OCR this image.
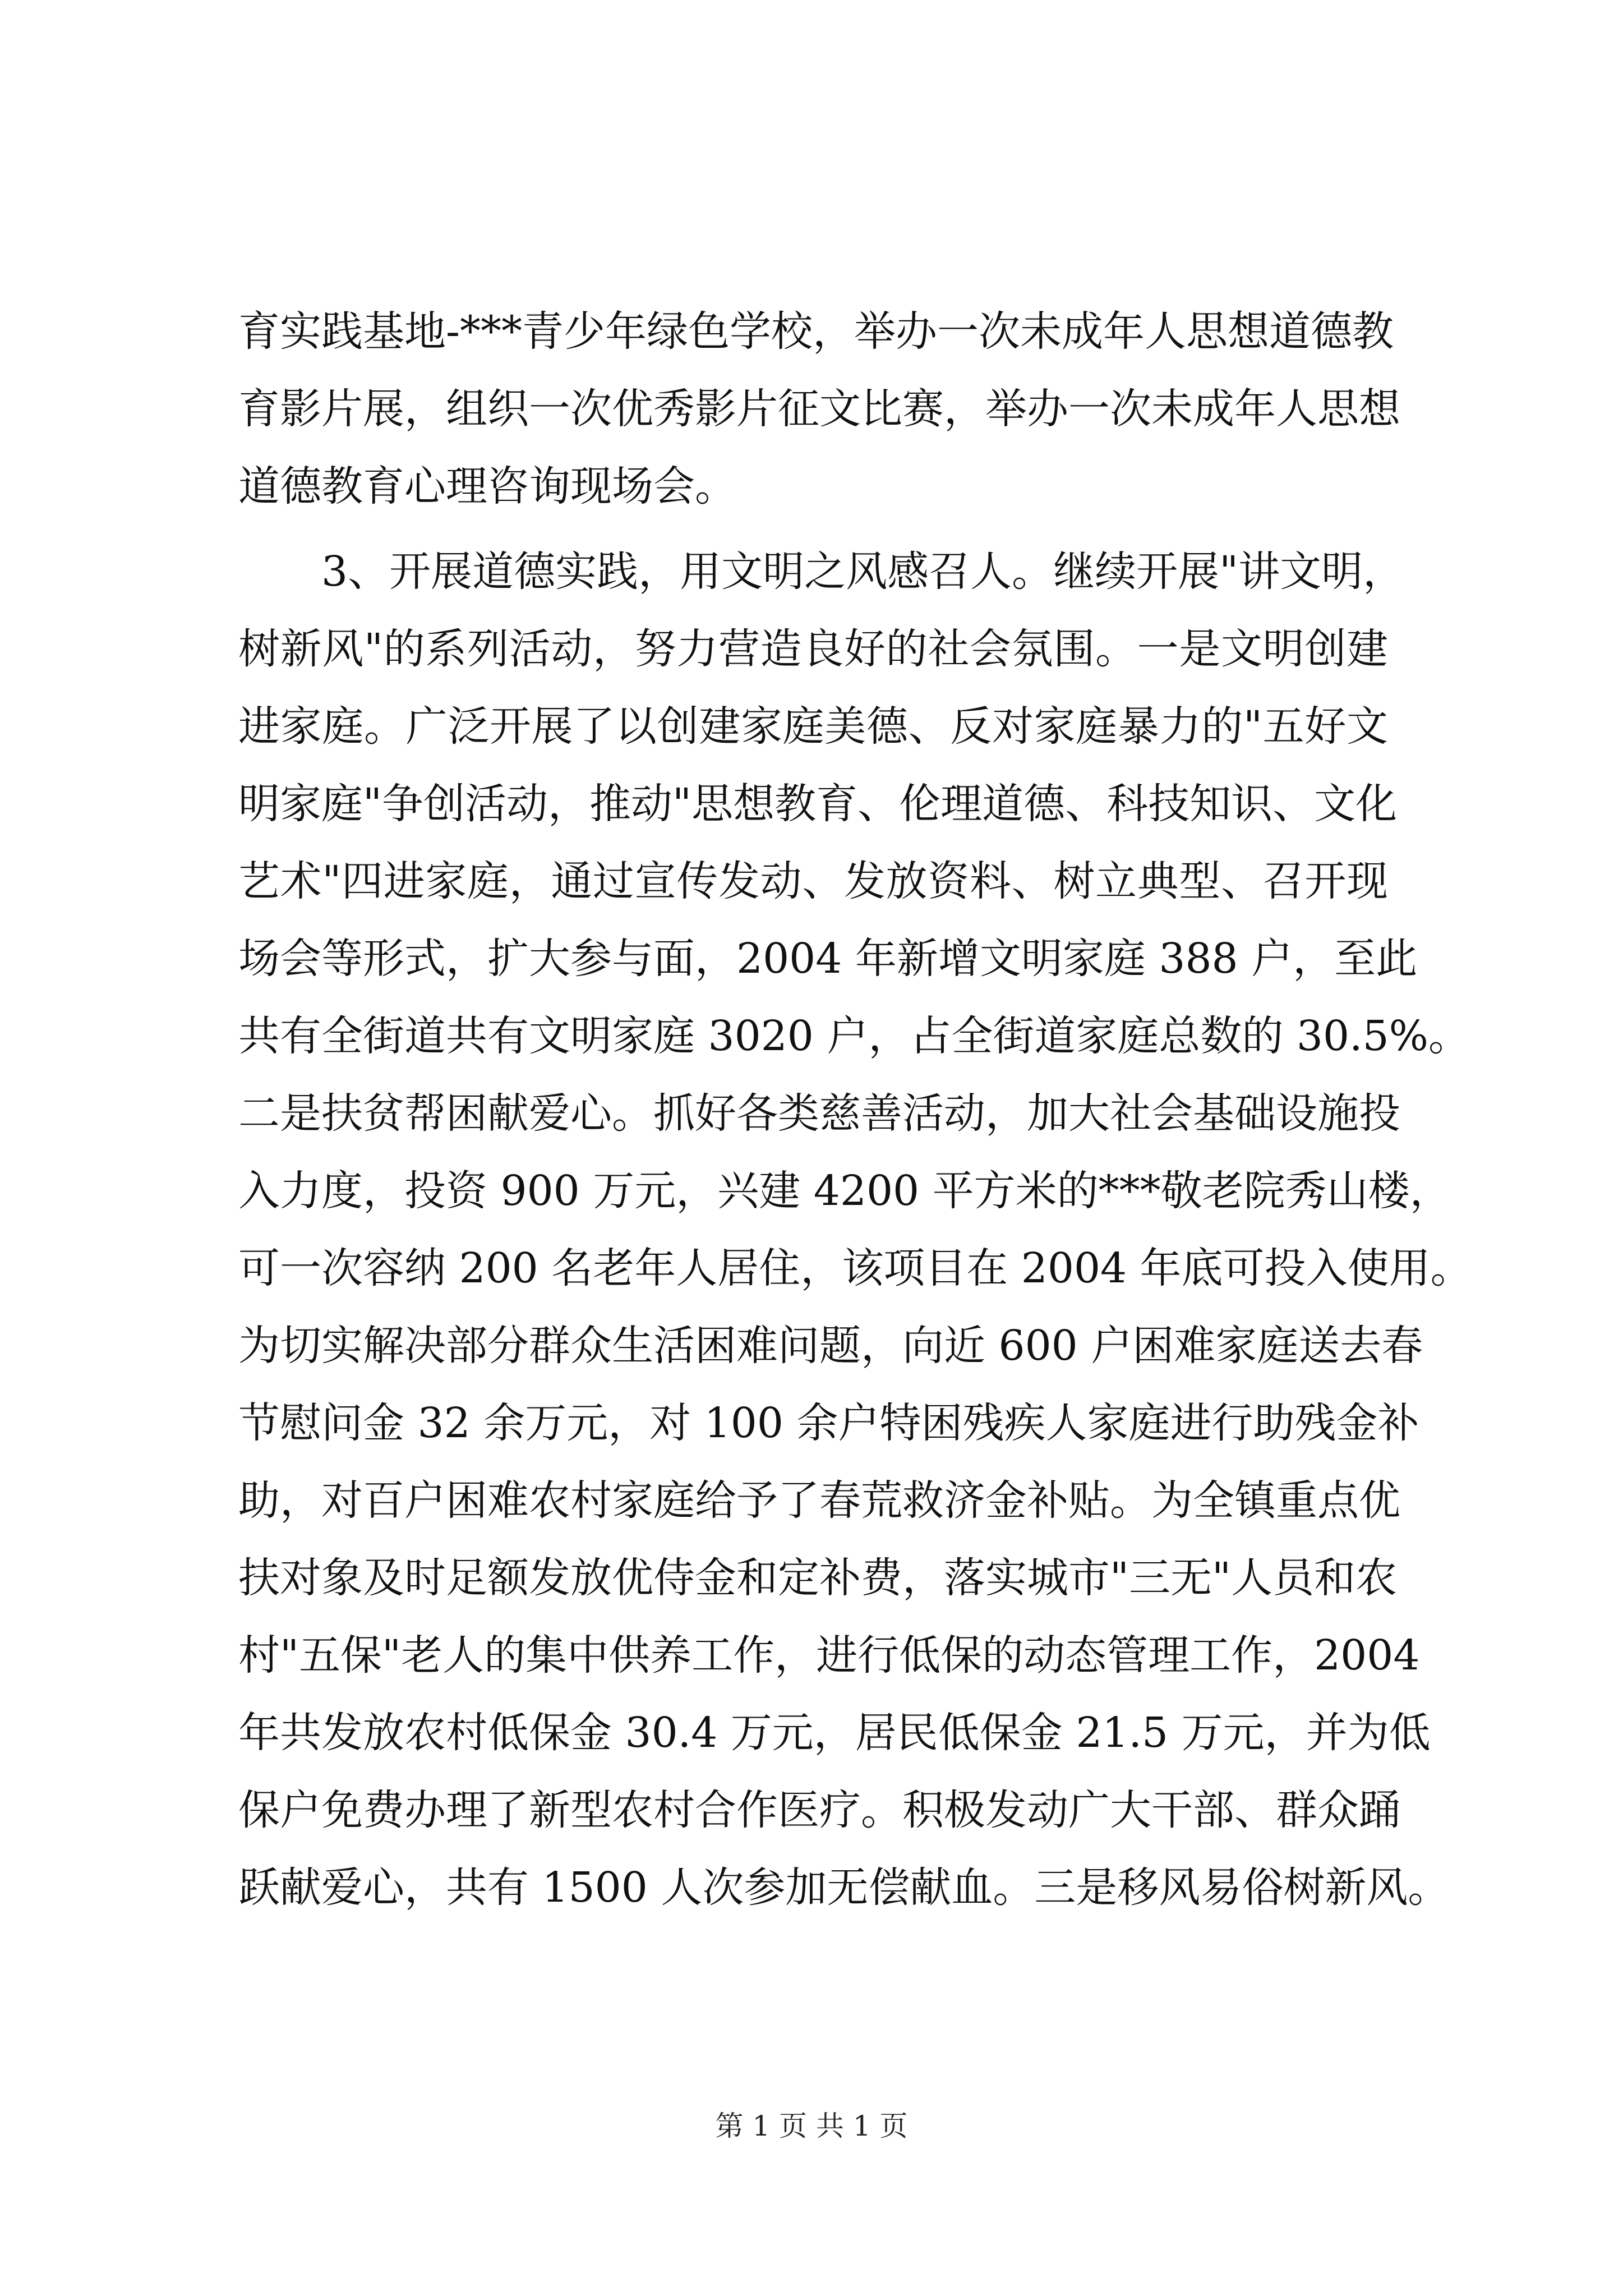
育实践基地-***青少年绿色学校，举办一次未成年人思想道德教
育影片展，组织一次优秀影片征文比赛，举办一次未成年人思想
道德教育心理咨询现场会。
3、开展道德实践，用文明之风感召人。继续开展"讲文明，
树新风"的系列活动，努力营造良好的社会氛围。一是文明创建
进家庭。广泛开展了以创建家庭美德、反对家庭暴力的"五好文
明家庭"争创活动，推动"思想教育、伦理道德、科技知识、文化
艺术"四进家庭，通过宣传发动、发放资料、树立典型、召开现
场会等形式，扩大参与面，2004 年新增文明家庭 388 户，至此
共有全街道共有文明家庭 3020 户，占全街道家庭总数的 30.5%。
二是扶贫帮困献爱心。抓好各类慈善活动，加大社会基础设施投
入力度，投资 900 万元，兴建 4200 平方米的***敬老院秀山楼，
可一次容纳 200 名老年人居住，该项目在 2004 年底可投入使用。
为切实解决部分群众生活困难问题，向近 600 户困难家庭送去春
节慰问金 32 余万元，对 100 余户特困残疾人家庭进行助残金补
助，对百户困难农村家庭给予了春荒救济金补贴。为全镇重点优
扶对象及时足额发放优侍金和定补费，落实城市"三无"人员和农
村"五保"老人的集中供养工作，进行低保的动态管理工作，2004
年共发放农村低保金 30.4 万元，居民低保金 21.5 万元，并为低
保户免费办理了新型农村合作医疗。积极发动广大干部、群众踊
跃献爱心，共有 1500 人次参加无偿献血。三是移风易俗树新风。
第 1 页 共 1 页
